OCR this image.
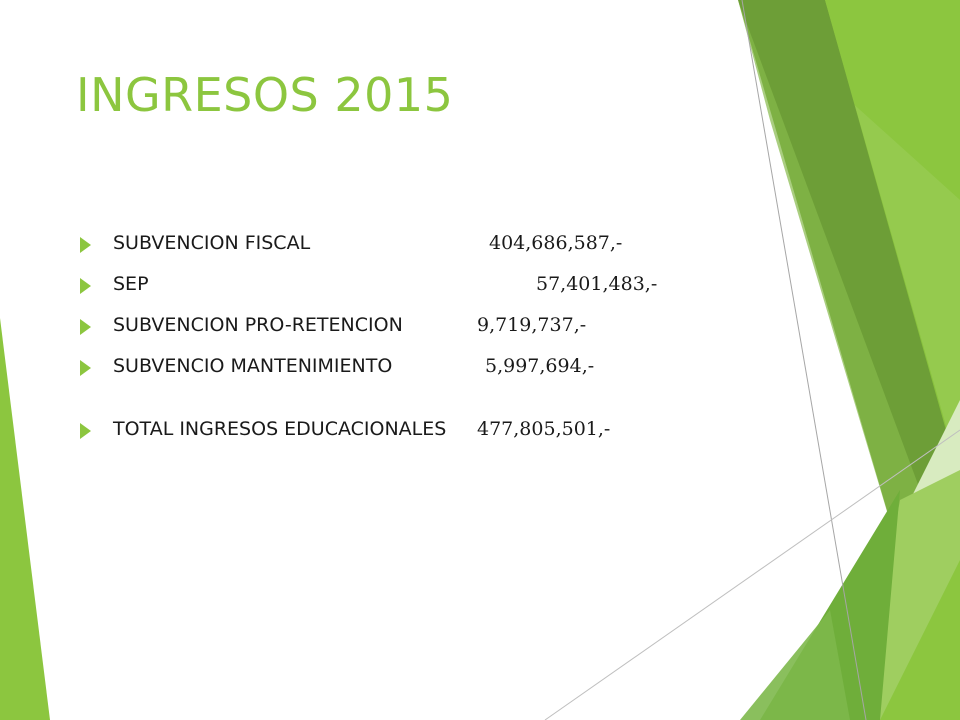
INGRESOS 2015
SUBVENCION FISCAL	404,686,587,-
SEP	57,401,483,-
SUBVENCION PRO-RETENCION	9,719,737,-
SUBVENCIO MANTENIMIENTO	5,997,694,-
TOTAL INGRESOS EDUCACIONALES 477,805,501,-
